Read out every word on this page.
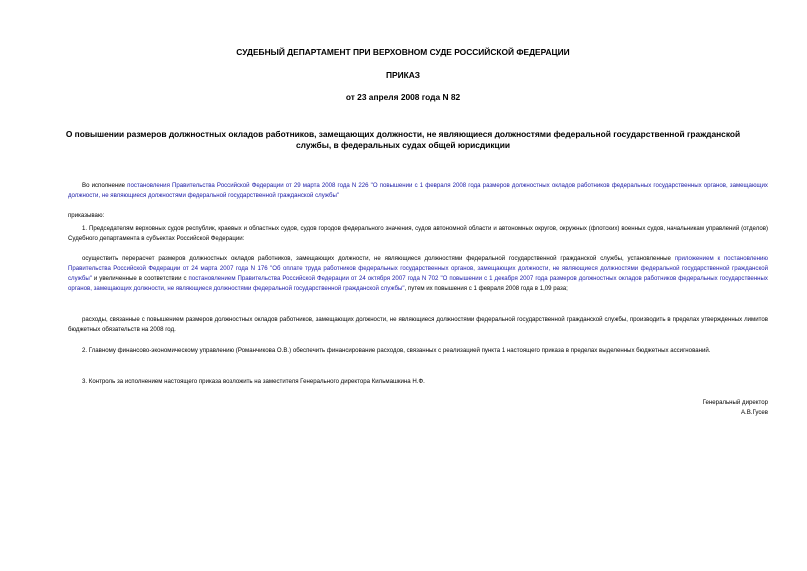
СУДЕБНЫЙ ДЕПАРТАМЕНТ ПРИ ВЕРХОВНОМ СУДЕ РОССИЙСКОЙ ФЕДЕРАЦИИ
ПРИКАЗ
от 23 апреля 2008 года N 82
О повышении размеров должностных окладов работников, замещающих должности, не являющиеся должностями федеральной государственной гражданской службы, в федеральных судах общей юрисдикции

Во исполнение постановления Правительства Российской Федерации от 29 марта 2008 года N 226 "О повышении с 1 февраля 2008 года размеров должностных окладов работников федеральных государственных органов, замещающих должности, не являющиеся должностями федеральной государственной гражданской службы"

приказываю:

1. Председателям верховных судов республик, краевых и областных судов, судов городов федерального значения, судов автономной области и автономных округов, окружных (флотских) военных судов, начальникам управлений (отделов) Судебного департамента в субъектах Российской Федерации:

осуществить перерасчет размеров должностных окладов работников, замещающих должности, не являющиеся должностями федеральной государственной гражданской службы, установленные приложением к постановлению Правительства Российской Федерации от 24 марта 2007 года N 176 "Об оплате труда работников федеральных государственных органов, замещающих должности, не являющиеся должностями федеральной государственной гражданской службы" и увеличенные в соответствии с постановлением Правительства Российской Федерации от 24 октября 2007 года N 702 "О повышении с 1 декабря 2007 года размеров должностных окладов работников федеральных государственных органов, замещающих должности, не являющиеся должностями федеральной государственной гражданской службы", путем их повышения с 1 февраля 2008 года в 1,09 раза;

расходы, связанные с повышением размеров должностных окладов работников, замещающих должности, не являющиеся должностями федеральной государственной гражданской службы, производить в пределах утвержденных лимитов бюджетных обязательств на 2008 год.

2. Главному финансово-экономическому управлению (Романчикова О.В.) обеспечить финансирование расходов, связанных с реализацией пункта 1 настоящего приказа в пределах выделенных бюджетных ассигнований.

3. Контроль за исполнением настоящего приказа возложить на заместителя Генерального директора Кильмашкина Н.Ф.

Генеральный директор
А.В.Гусев
